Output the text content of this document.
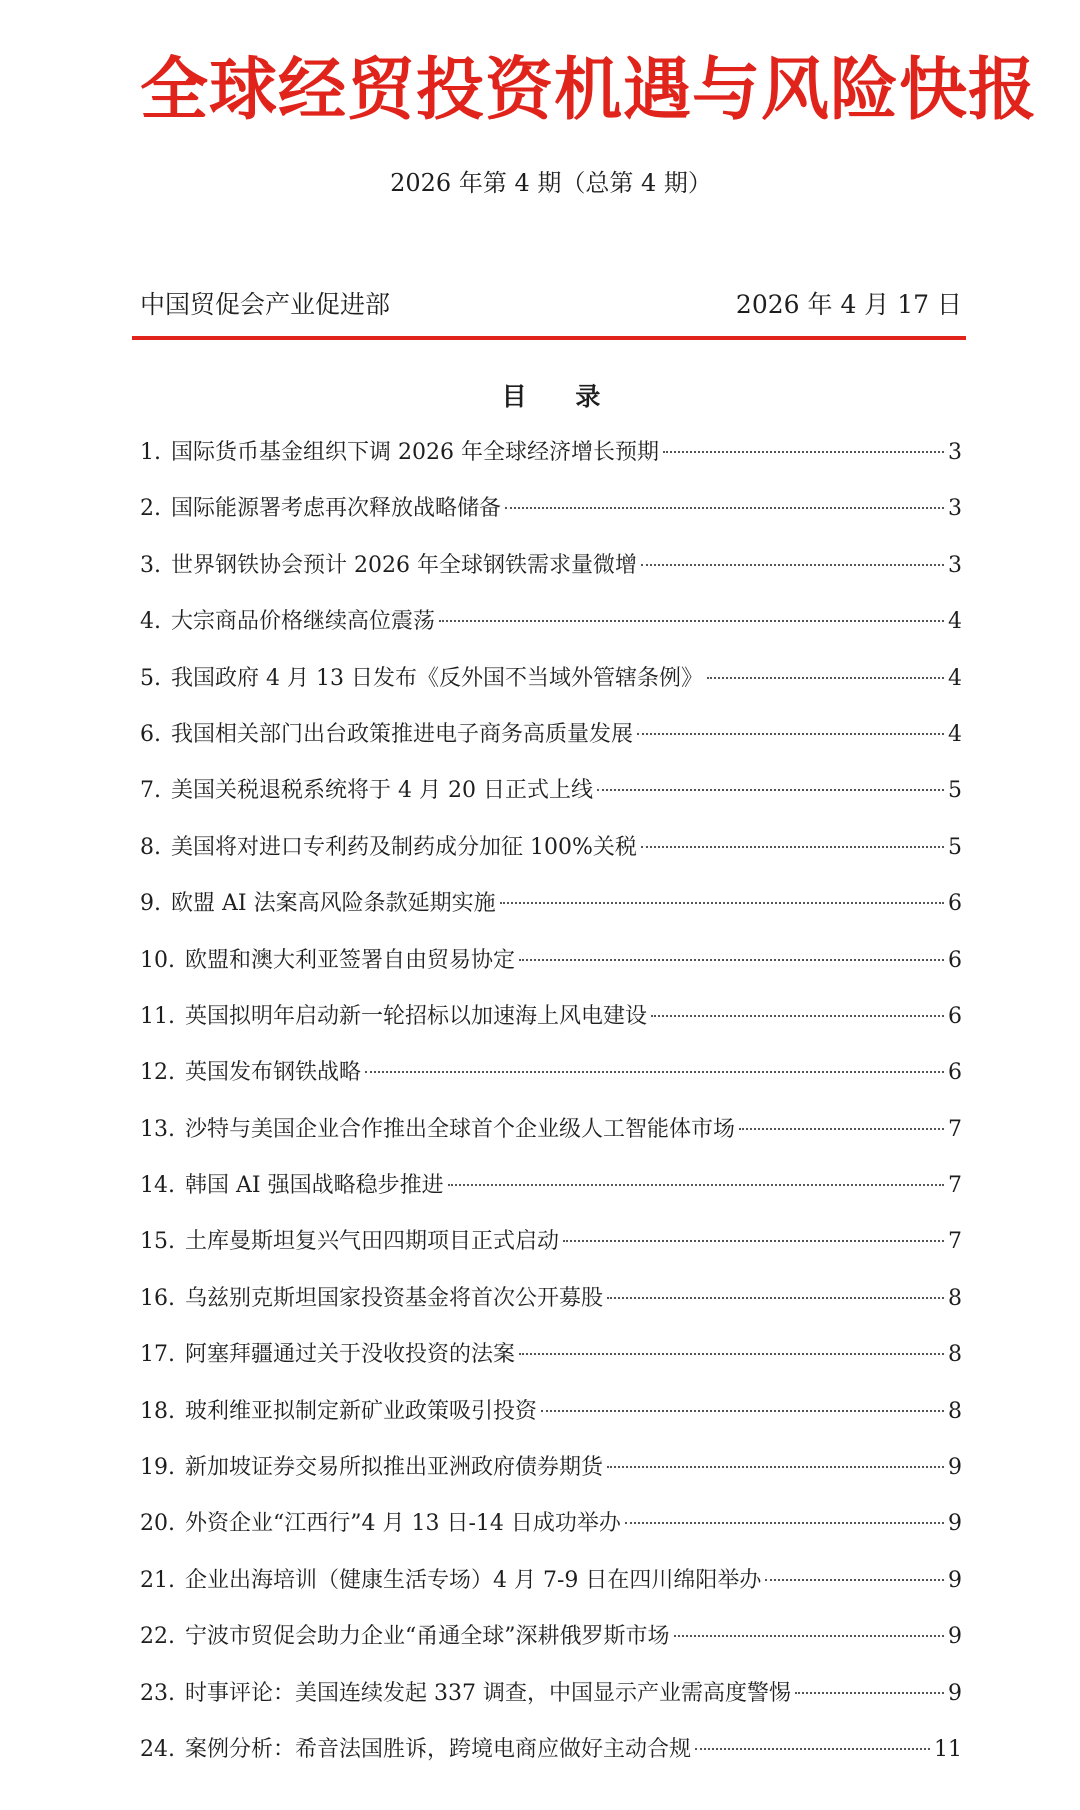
全球经贸投资机遇与风险快报
2026 年第 4 期（总第 4 期）
中国贸促会产业促进部	2026 年 4 月 17 日
目 录
1. 国际货币基金组织下调 2026 年全球经济增长预期	3
2. 国际能源署考虑再次释放战略储备	3
3. 世界钢铁协会预计 2026 年全球钢铁需求量微增	3
4. 大宗商品价格继续高位震荡	4
5. 我国政府 4 月 13 日发布《反外国不当域外管辖条例》	4
6. 我国相关部门出台政策推进电子商务高质量发展	4
7. 美国关税退税系统将于 4 月 20 日正式上线	5
8. 美国将对进口专利药及制药成分加征 100%关税	5
9. 欧盟 AI 法案高风险条款延期实施	6
10. 欧盟和澳大利亚签署自由贸易协定	6
11. 英国拟明年启动新一轮招标以加速海上风电建设	6
12. 英国发布钢铁战略	6
13. 沙特与美国企业合作推出全球首个企业级人工智能体市场	7
14. 韩国 AI 强国战略稳步推进	7
15. 土库曼斯坦复兴气田四期项目正式启动	7
16. 乌兹别克斯坦国家投资基金将首次公开募股	8
17. 阿塞拜疆通过关于没收投资的法案	8
18. 玻利维亚拟制定新矿业政策吸引投资	8
19. 新加坡证券交易所拟推出亚洲政府债券期货	9
20. 外资企业“江西行”4 月 13 日-14 日成功举办	9
21. 企业出海培训（健康生活专场）4 月 7-9 日在四川绵阳举办	9
22. 宁波市贸促会助力企业“甬通全球”深耕俄罗斯市场	9
23. 时事评论：美国连续发起 337 调查，中国显示产业需高度警惕	9
24. 案例分析：希音法国胜诉，跨境电商应做好主动合规	11
